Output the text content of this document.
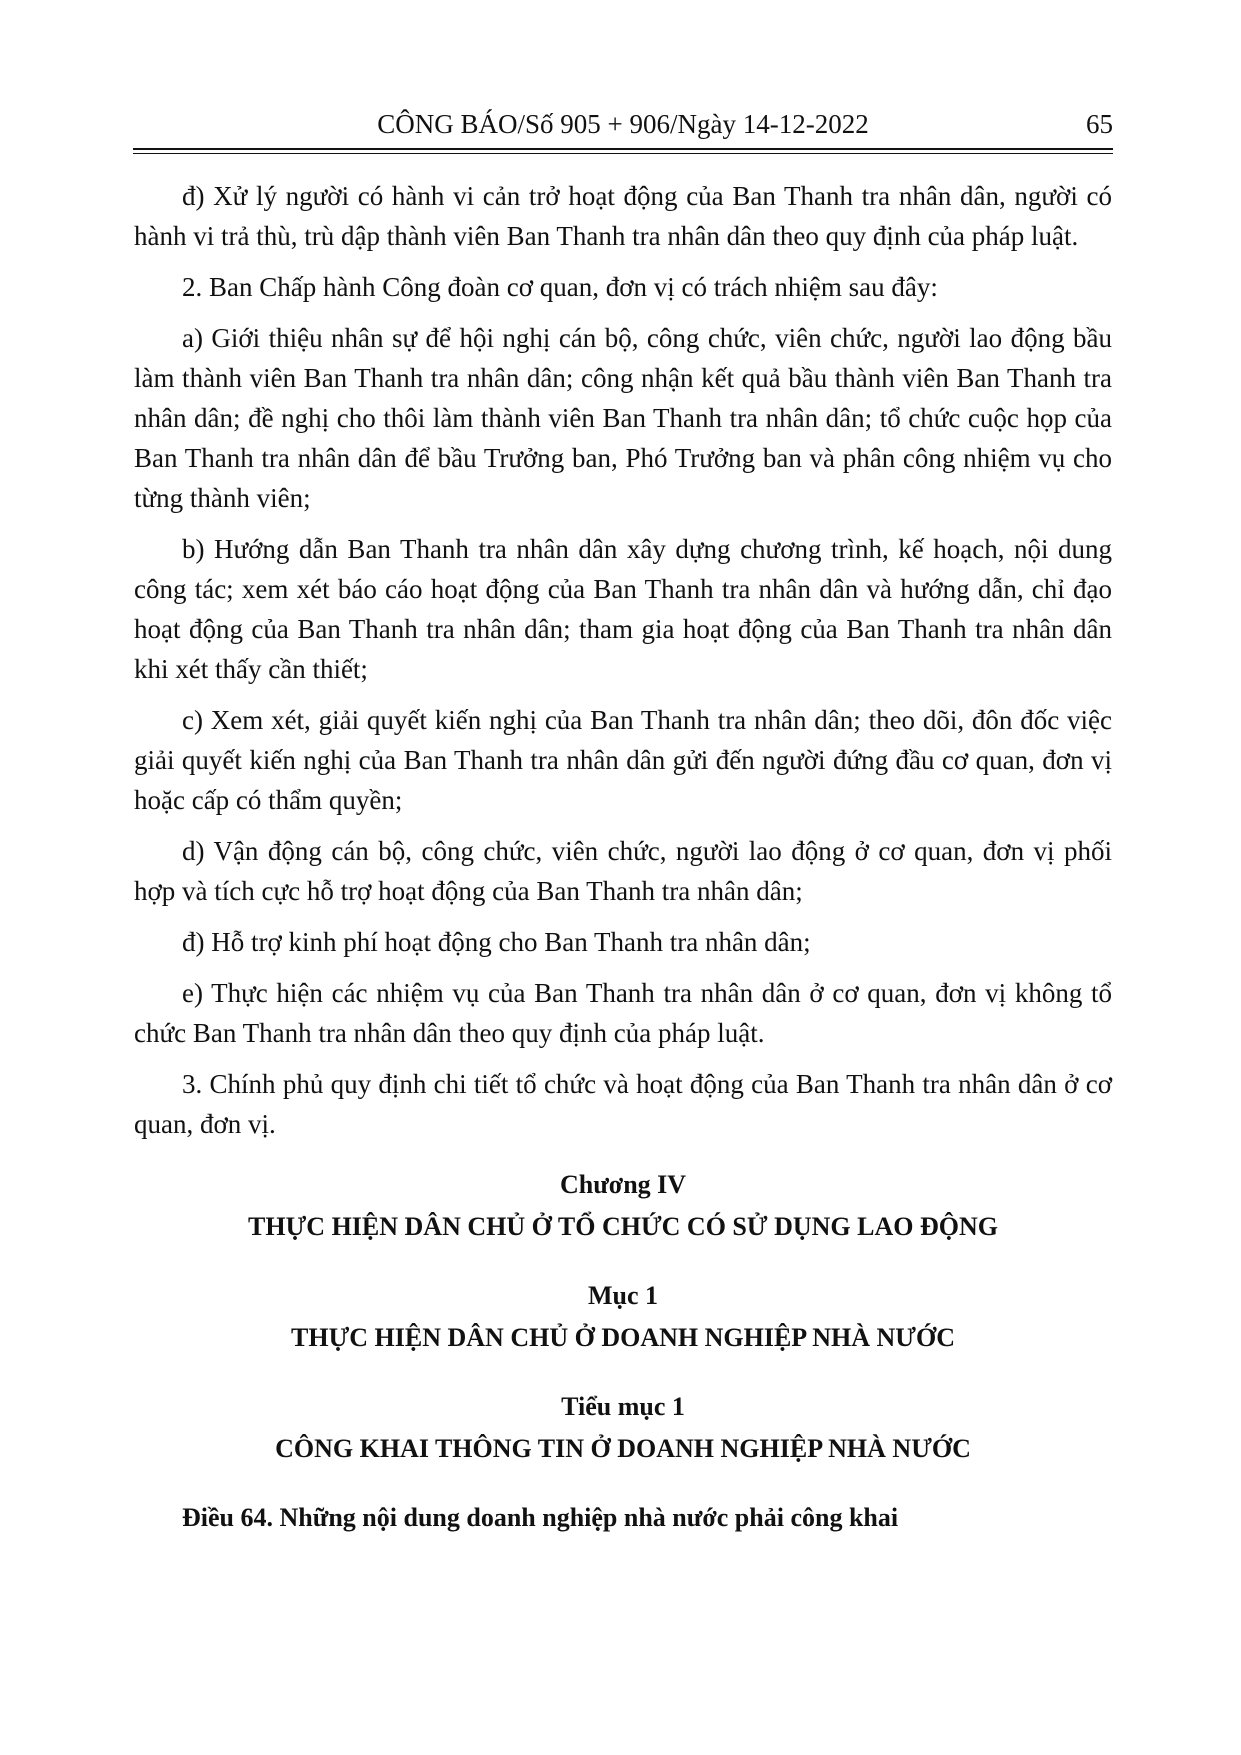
CÔNG BÁO/Số 905 + 906/Ngày 14-12-2022	65

đ) Xử lý người có hành vi cản trở hoạt động của Ban Thanh tra nhân dân, người có hành vi trả thù, trù dập thành viên Ban Thanh tra nhân dân theo quy định của pháp luật.

2. Ban Chấp hành Công đoàn cơ quan, đơn vị có trách nhiệm sau đây:

a) Giới thiệu nhân sự để hội nghị cán bộ, công chức, viên chức, người lao động bầu làm thành viên Ban Thanh tra nhân dân; công nhận kết quả bầu thành viên Ban Thanh tra nhân dân; đề nghị cho thôi làm thành viên Ban Thanh tra nhân dân; tổ chức cuộc họp của Ban Thanh tra nhân dân để bầu Trưởng ban, Phó Trưởng ban và phân công nhiệm vụ cho từng thành viên;

b) Hướng dẫn Ban Thanh tra nhân dân xây dựng chương trình, kế hoạch, nội dung công tác; xem xét báo cáo hoạt động của Ban Thanh tra nhân dân và hướng dẫn, chỉ đạo hoạt động của Ban Thanh tra nhân dân; tham gia hoạt động của Ban Thanh tra nhân dân khi xét thấy cần thiết;

c) Xem xét, giải quyết kiến nghị của Ban Thanh tra nhân dân; theo dõi, đôn đốc việc giải quyết kiến nghị của Ban Thanh tra nhân dân gửi đến người đứng đầu cơ quan, đơn vị hoặc cấp có thẩm quyền;

d) Vận động cán bộ, công chức, viên chức, người lao động ở cơ quan, đơn vị phối hợp và tích cực hỗ trợ hoạt động của Ban Thanh tra nhân dân;

đ) Hỗ trợ kinh phí hoạt động cho Ban Thanh tra nhân dân;

e) Thực hiện các nhiệm vụ của Ban Thanh tra nhân dân ở cơ quan, đơn vị không tổ chức Ban Thanh tra nhân dân theo quy định của pháp luật.

3. Chính phủ quy định chi tiết tổ chức và hoạt động của Ban Thanh tra nhân dân ở cơ quan, đơn vị.

Chương IV

THỰC HIỆN DÂN CHỦ Ở TỔ CHỨC CÓ SỬ DỤNG LAO ĐỘNG

Mục 1

THỰC HIỆN DÂN CHỦ Ở DOANH NGHIỆP NHÀ NƯỚC

Tiểu mục 1

CÔNG KHAI THÔNG TIN Ở DOANH NGHIỆP NHÀ NƯỚC

Điều 64. Những nội dung doanh nghiệp nhà nước phải công khai
